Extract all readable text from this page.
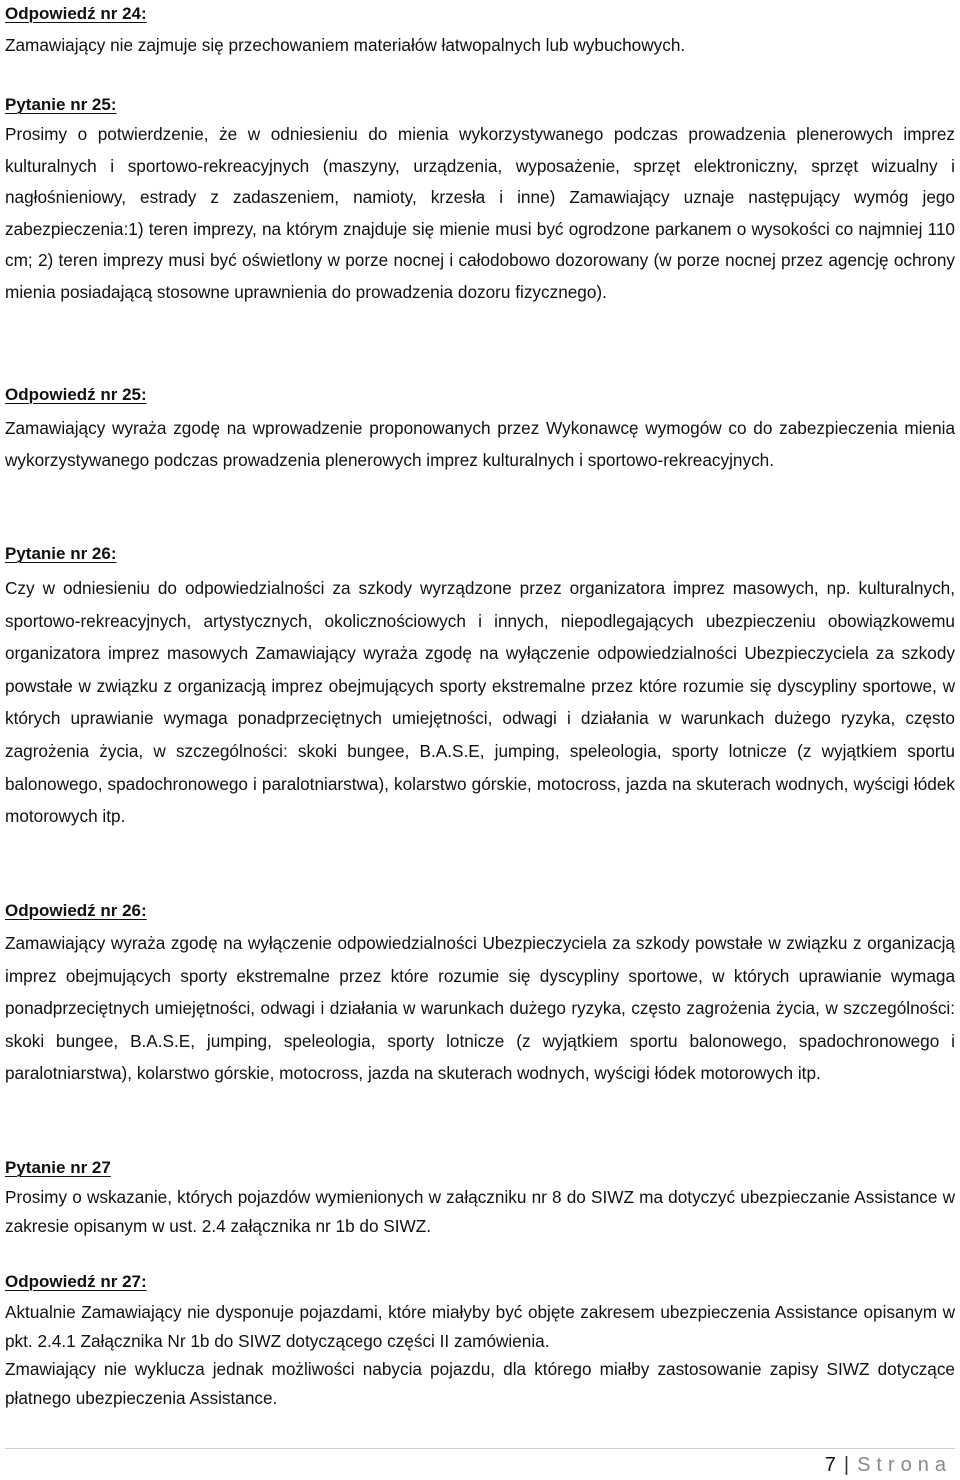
Odpowiedź nr 24:

Zamawiający nie zajmuje się przechowaniem materiałów łatwopalnych lub wybuchowych.

Pytanie nr 25:

Prosimy o potwierdzenie, że w odniesieniu do mienia wykorzystywanego podczas prowadzenia plenerowych imprez kulturalnych i sportowo-rekreacyjnych (maszyny, urządzenia, wyposażenie, sprzęt elektroniczny, sprzęt wizualny i nagłośnieniowy, estrady z zadaszeniem, namioty, krzesła i inne) Zamawiający uznaje następujący wymóg jego zabezpieczenia:1) teren imprezy, na którym znajduje się mienie musi być ogrodzone parkanem o wysokości co najmniej 110 cm; 2) teren imprezy musi być oświetlony w porze nocnej i całodobowo dozorowany (w porze nocnej przez agencję ochrony mienia posiadającą stosowne uprawnienia do prowadzenia dozoru fizycznego).

Odpowiedź nr 25:

Zamawiający wyraża zgodę na wprowadzenie proponowanych przez Wykonawcę wymogów co do zabezpieczenia mienia wykorzystywanego podczas prowadzenia plenerowych imprez kulturalnych i sportowo-rekreacyjnych.

Pytanie nr 26:

Czy w odniesieniu do odpowiedzialności za szkody wyrządzone przez organizatora imprez masowych, np. kulturalnych, sportowo-rekreacyjnych, artystycznych, okolicznościowych i innych, niepodlegających ubezpieczeniu obowiązkowemu organizatora imprez masowych Zamawiający wyraża zgodę na wyłączenie odpowiedzialności Ubezpieczyciela za szkody powstałe w związku z organizacją imprez obejmujących sporty ekstremalne przez które rozumie się dyscypliny sportowe, w których uprawianie wymaga ponadprzeciętnych umiejętności, odwagi i działania w warunkach dużego ryzyka, często zagrożenia życia, w szczególności: skoki bungee, B.A.S.E, jumping, speleologia, sporty lotnicze (z wyjątkiem sportu balonowego, spadochronowego i paralotniarstwa), kolarstwo górskie, motocross, jazda na skuterach wodnych, wyścigi łódek motorowych itp.

Odpowiedź nr 26:

Zamawiający wyraża zgodę na wyłączenie odpowiedzialności Ubezpieczyciela za szkody powstałe w związku z organizacją imprez obejmujących sporty ekstremalne przez które rozumie się dyscypliny sportowe, w których uprawianie wymaga ponadprzeciętnych umiejętności, odwagi i działania w warunkach dużego ryzyka, często zagrożenia życia, w szczególności: skoki bungee, B.A.S.E, jumping, speleologia, sporty lotnicze (z wyjątkiem sportu balonowego, spadochronowego i paralotniarstwa), kolarstwo górskie, motocross, jazda na skuterach wodnych, wyścigi łódek motorowych itp.

Pytanie nr 27

Prosimy o wskazanie, których pojazdów wymienionych w załączniku nr 8 do SIWZ ma dotyczyć ubezpieczanie Assistance w zakresie opisanym w ust. 2.4 załącznika nr 1b do SIWZ.

Odpowiedź nr 27:

Aktualnie Zamawiający nie dysponuje pojazdami, które miałyby być objęte zakresem ubezpieczenia Assistance opisanym w pkt. 2.4.1 Załącznika Nr 1b do SIWZ dotyczącego części II zamówienia.

Zmawiający nie wyklucza jednak możliwości nabycia pojazdu, dla którego miałby zastosowanie zapisy SIWZ dotyczące płatnego ubezpieczenia Assistance.

7 | Strona
